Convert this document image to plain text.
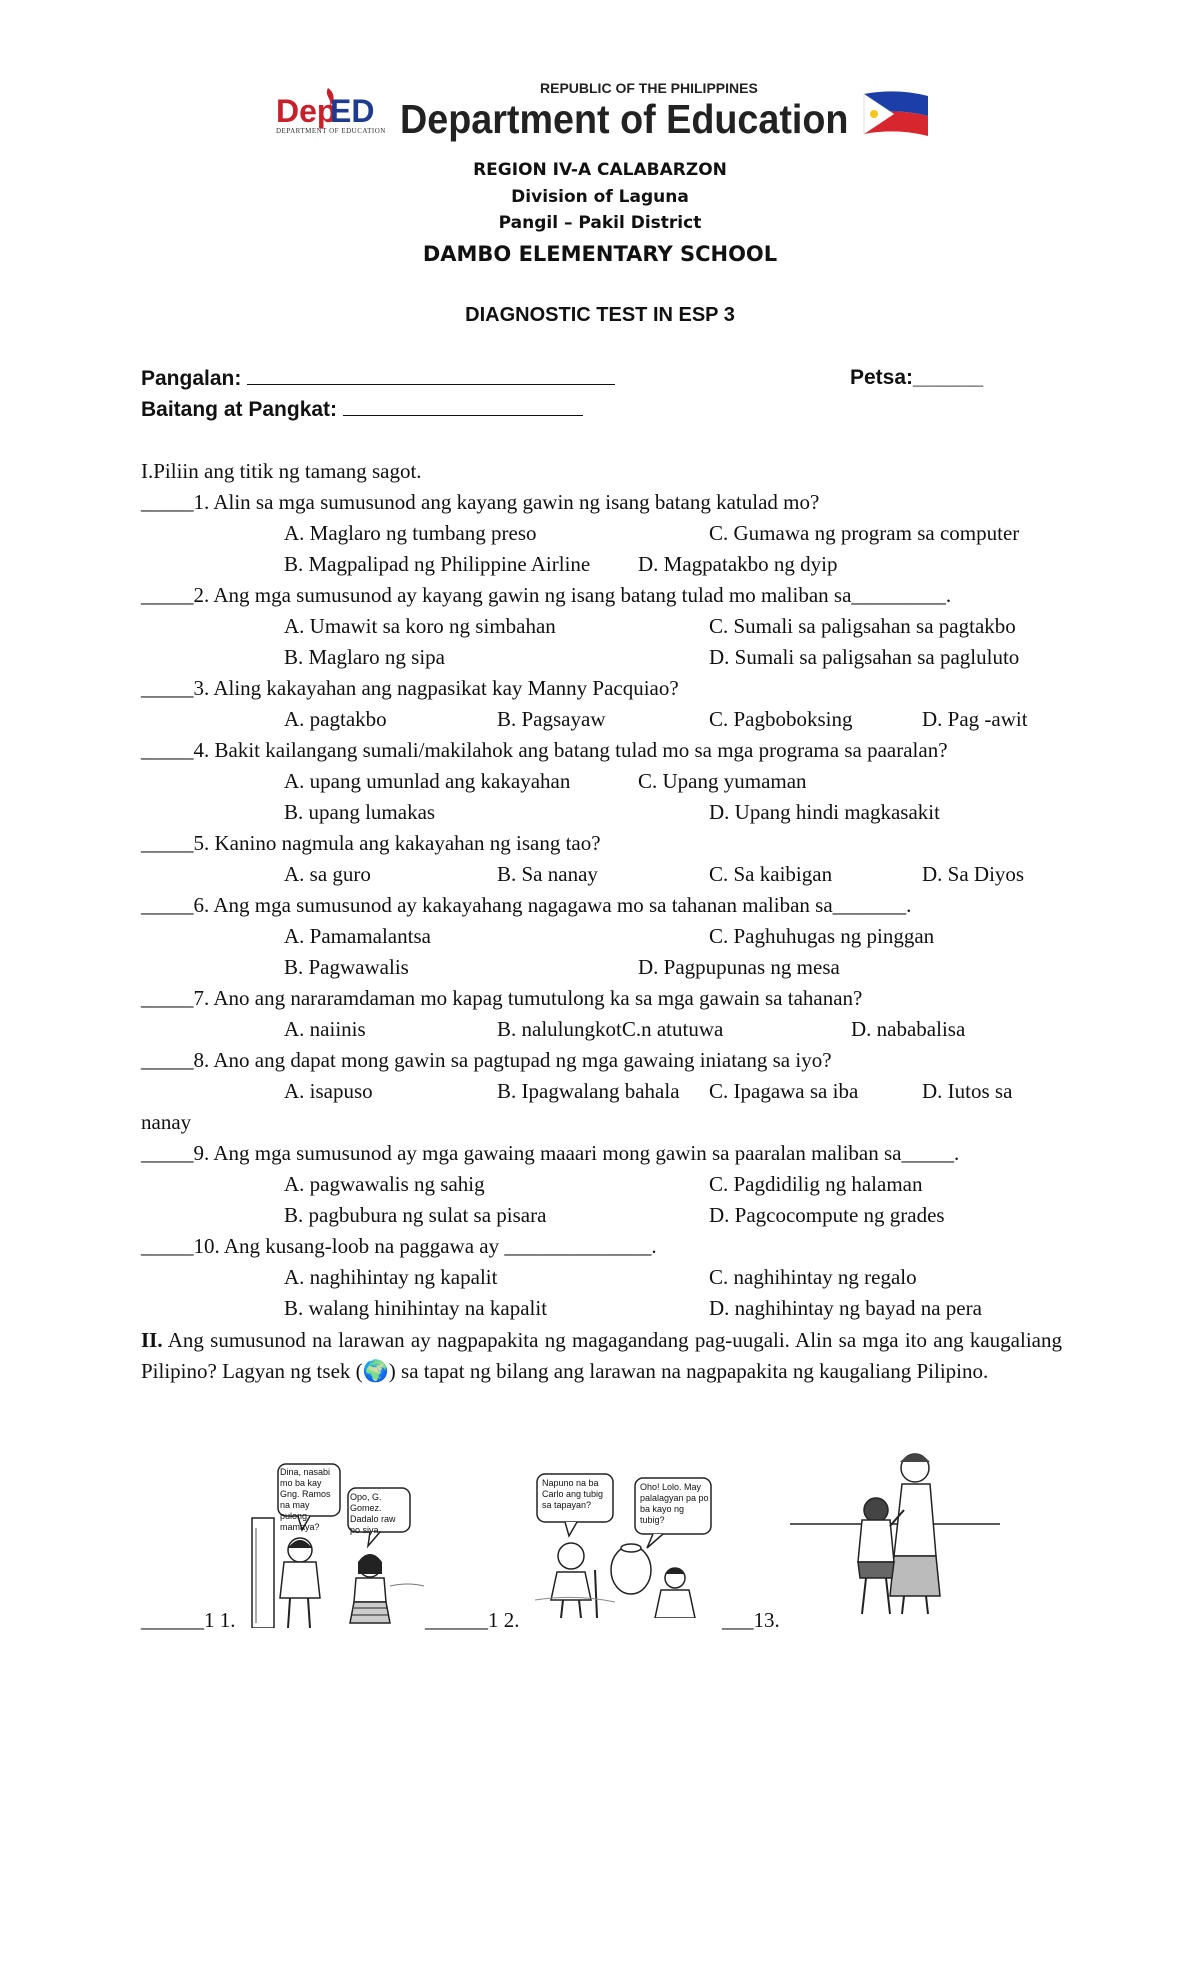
Dep
ED
DEPARTMENT OF EDUCATION
REPUBLIC OF THE PHILIPPINES
Department of Education
REGION IV-A CALABARZON
Division of Laguna
Pangil – Pakil District
DAMBO ELEMENTARY SCHOOL
DIAGNOSTIC TEST IN ESP 3
Pangalan:	Petsa:______
Baitang at Pangkat:
I.Piliin ang titik ng tamang sagot.
_____1. Alin sa mga sumusunod ang kayang gawin ng isang batang katulad mo?
A. Maglaro ng tumbang preso	C. Gumawa ng program sa computer
B. Magpalipad ng Philippine Airline D. Magpatakbo ng dyip
_____2. Ang mga sumusunod ay kayang gawin ng isang batang tulad mo maliban sa_________.
A. Umawit sa koro ng simbahan	C. Sumali sa paligsahan sa pagtakbo
B. Maglaro ng sipa	D. Sumali sa paligsahan sa pagluluto
_____3. Aling kakayahan ang nagpasikat kay Manny Pacquiao?
A. pagtakbo	B. Pagsayaw	C. Pagboboksing	D. Pag -awit
_____4. Bakit kailangang sumali/makilahok ang batang tulad mo sa mga programa sa paaralan?
A. upang umunlad ang kakayahan	C. Upang yumaman
B. upang lumakas	D. Upang hindi magkasakit
_____5. Kanino nagmula ang kakayahan ng isang tao?
A. sa guro	B. Sa nanay	C. Sa kaibigan	D. Sa Diyos
_____6. Ang mga sumusunod ay kakayahang nagagawa mo sa tahanan maliban sa_______.
A. Pamamalantsa	C. Paghuhugas ng pinggan
B. Pagwawalis	D. Pagpupunas ng mesa
_____7. Ano ang nararamdaman mo kapag tumutulong ka sa mga gawain sa tahanan?
A. naiinis	B. nalulungkotC.n atutuwa	D. nababalisa
_____8. Ano ang dapat mong gawin sa pagtupad ng mga gawaing iniatang sa iyo?
A. isapuso	B. Ipagwalang bahala C. Ipagawa sa iba	D. Iutos sa
nanay
_____9. Ang mga sumusunod ay mga gawaing maaari mong gawin sa paaralan maliban sa_____.
A. pagwawalis ng sahig	C. Pagdidilig ng halaman
B. pagbubura ng sulat sa pisara	D. Pagcocompute ng grades
_____10. Ang kusang-loob na paggawa ay ______________.
A. naghihintay ng kapalit	C. naghihintay ng regalo
B. walang hinihintay na kapalit	D. naghihintay ng bayad na pera
II. Ang sumusunod na larawan ay nagpapakita ng magagandang pag-uugali. Alin sa mga ito ang kaugaliang Pilipino? Lagyan ng tsek (🌍) sa tapat ng bilang ang larawan na nagpapakita ng kaugaliang Pilipino.
Dina, nasabi mo ba kay Gng. Ramos na may pulong mamaya?
Opo, G. Gomez. Dadalo raw po siya.
Napuno na ba Carlo ang tubig sa tapayan?
Oho! Lolo. May palalagyan pa po ba kayo ng tubig?
______1 1.	______1 2.	___13.
